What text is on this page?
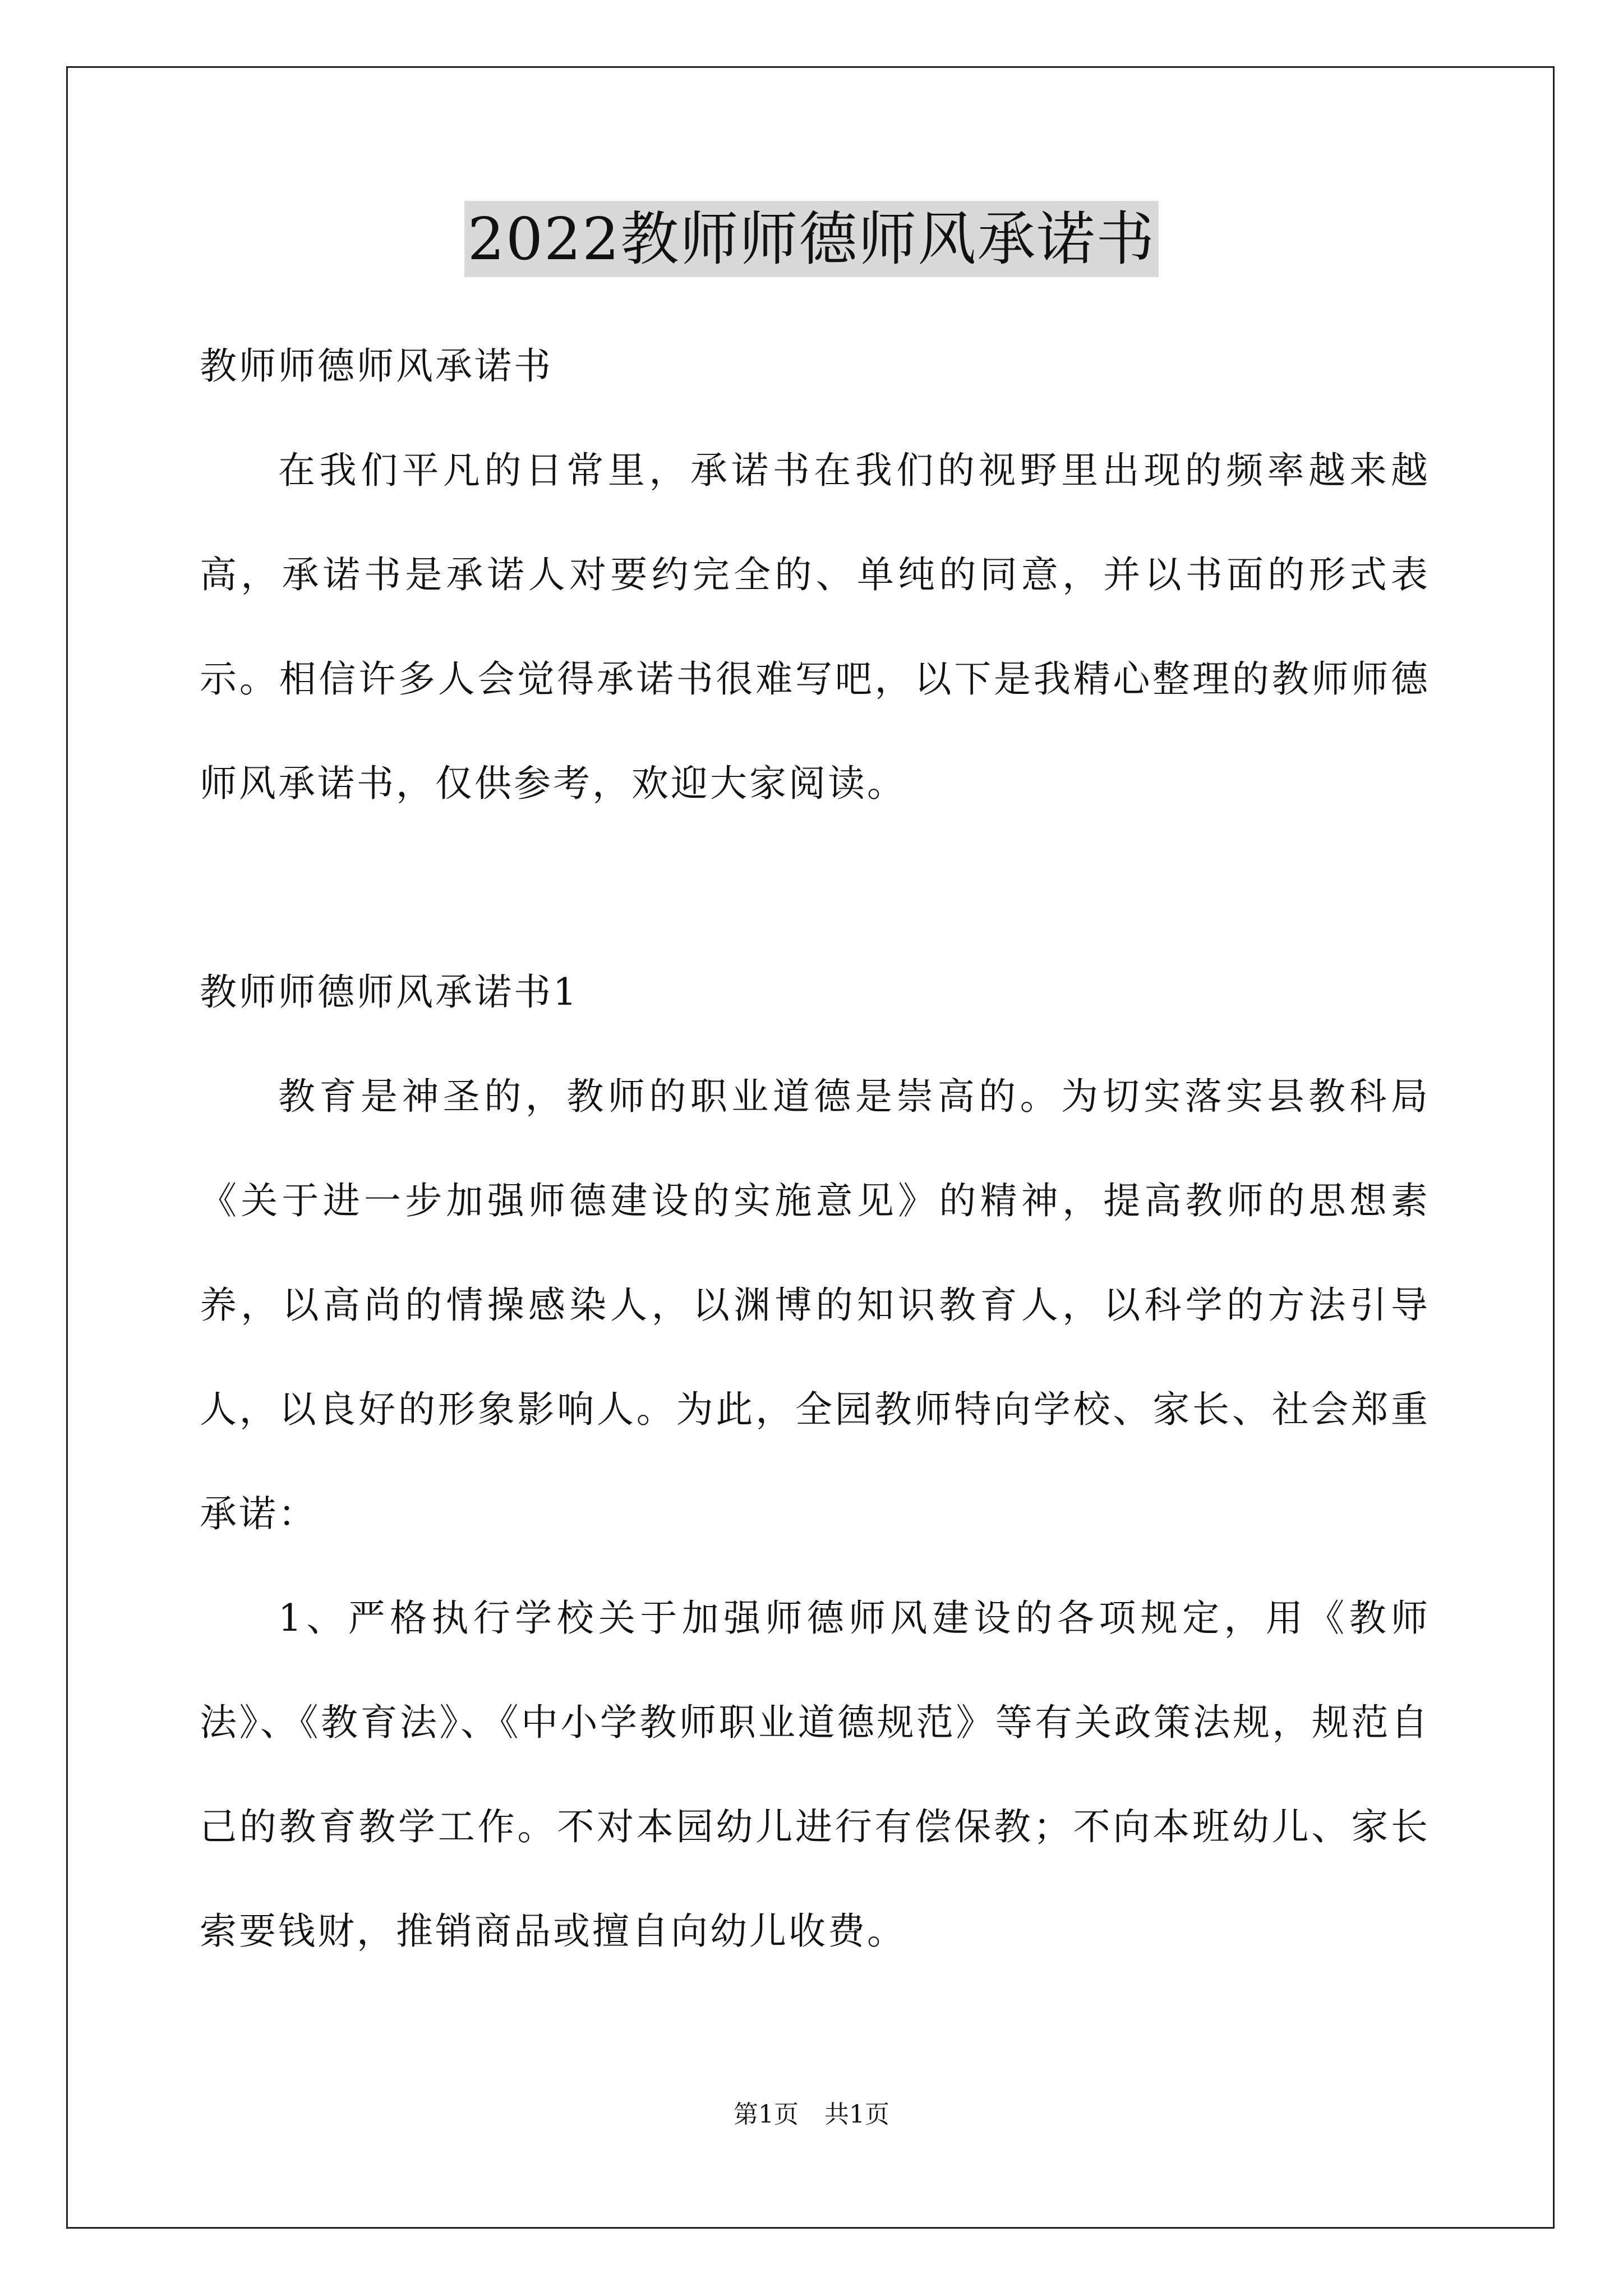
2022教师师德师风承诺书

教师师德师风承诺书

在我们平凡的日常里，承诺书在我们的视野里出现的频率越来越高，承诺书是承诺人对要约完全的、单纯的同意，并以书面的形式表示。相信许多人会觉得承诺书很难写吧，以下是我精心整理的教师师德师风承诺书，仅供参考，欢迎大家阅读。

教师师德师风承诺书1

教育是神圣的，教师的职业道德是崇高的。为切实落实县教科局《关于进一步加强师德建设的实施意见》的精神，提高教师的思想素养，以高尚的情操感染人，以渊博的知识教育人，以科学的方法引导人，以良好的形象影响人。为此，全园教师特向学校、家长、社会郑重承诺：

1、严格执行学校关于加强师德师风建设的各项规定，用《教师法》、《教育法》、《中小学教师职业道德规范》等有关政策法规，规范自己的教育教学工作。不对本园幼儿进行有偿保教；不向本班幼儿、家长索要钱财，推销商品或擅自向幼儿收费。

第1页 共1页
